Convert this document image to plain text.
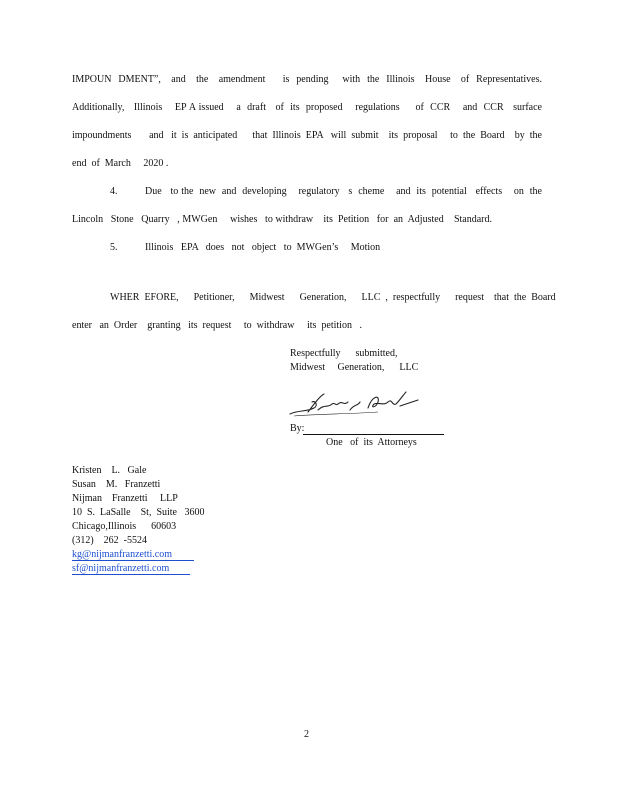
IMPOUN  DMENT”,   and   the   amendment     is  pending    with  the  Illinois   House   of  Representatives.
Additionally,   Illinois    EP A issued    a  draft   of  its  proposed    regulations     of  CCR    and  CCR   surface
impoundments       and   it  is  anticipated      that  Illinois  EPA   will  submit    its  proposal     to  the  Board    by  the
end  of  March     2020 .
4.	Due   to the  new  and  developing    regulatory   s  cheme    and  its  potential   effects    on  the
Lincoln   Stone   Quarry   , MWGen     wishes   to withdraw    its  Petition   for  an  Adjusted    Standard.
5.	Illinois   EPA   does   not   object   to  MWGen’s     Motion
WHER  EFORE,      Petitioner,      Midwest      Generation,      LLC  ,  respectfully      request    that  the  Board
enter   an  Order    granting   its  request     to  withdraw     its  petition   .
Respectfully      submitted,
Midwest     Generation,      LLC
By:
One   of  its  Attorneys
Kristen    L.   Gale
Susan    M.   Franzetti
Nijman    Franzetti     LLP
10  S.  LaSalle    St,  Suite   3600
Chicago,Illinois      60603
(312)    262  -5524
kg@nijmanfranzetti.com
sf@nijmanfranzetti.com
2
